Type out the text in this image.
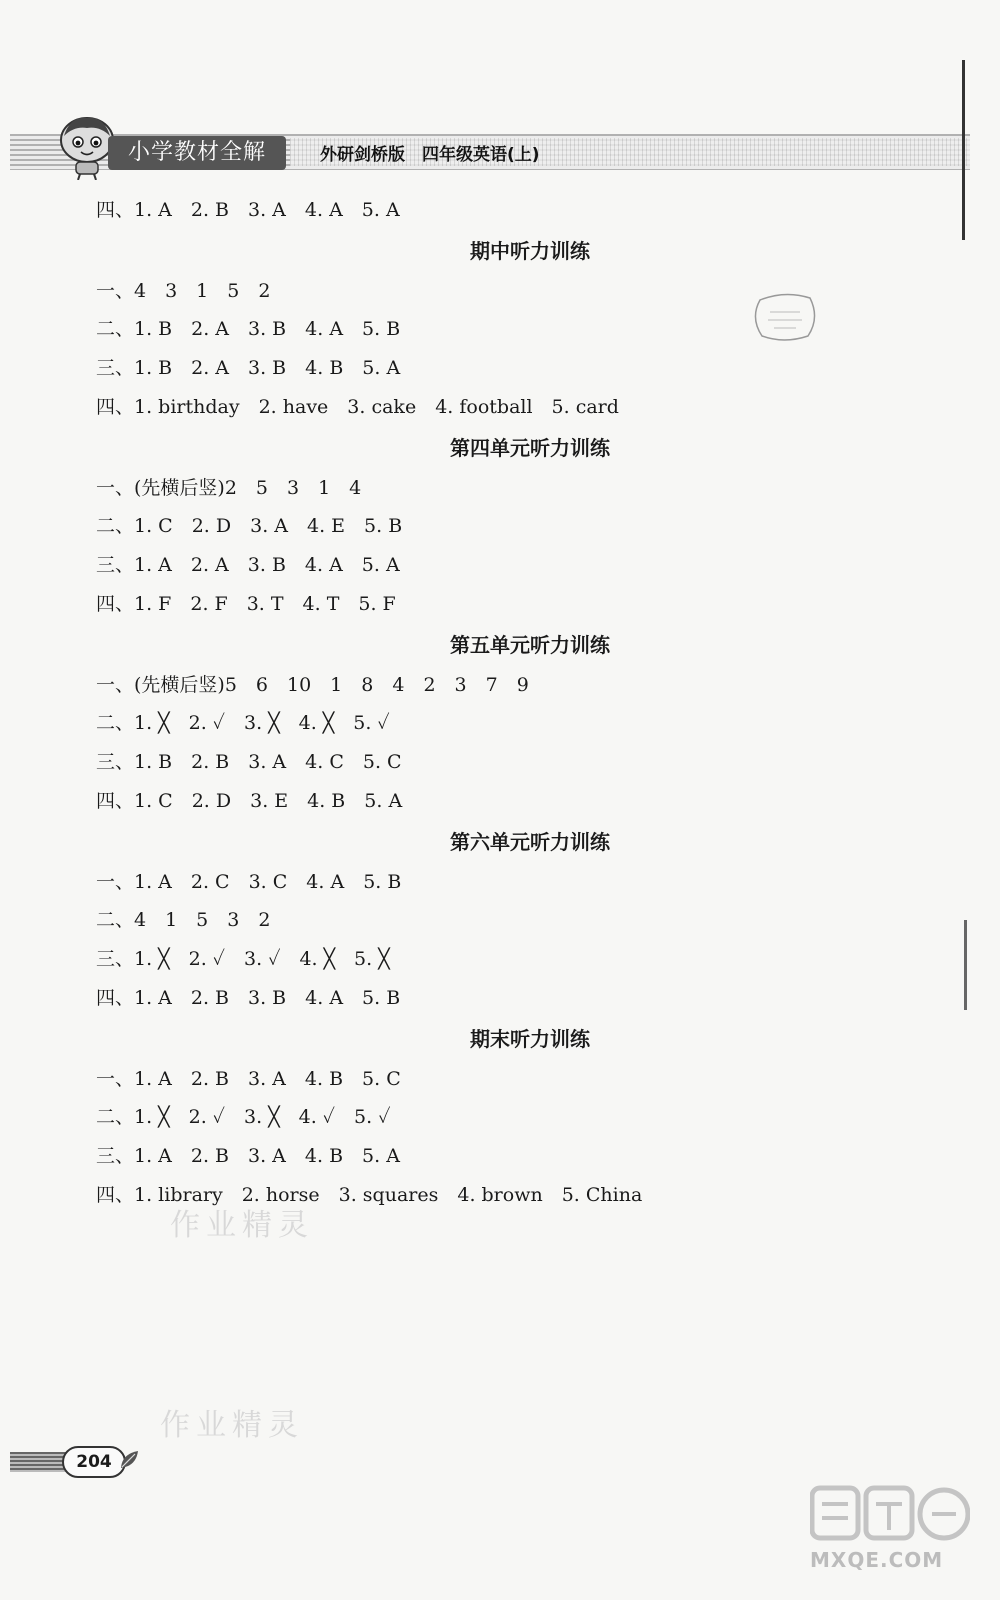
小学教材全解	外研剑桥版　四年级英语(上)
四、1. A　2. B　3. A　4. A　5. A
期中听力训练
一、4　3　1　5　2
二、1. B　2. A　3. B　4. A　5. B
三、1. B　2. A　3. B　4. B　5. A
四、1. birthday　2. have　3. cake　4. football　5. card
第四单元听力训练
一、(先横后竖)2　5　3　1　4
二、1. C　2. D　3. A　4. E　5. B
三、1. A　2. A　3. B　4. A　5. A
四、1. F　2. F　3. T　4. T　5. F
第五单元听力训练
一、(先横后竖)5　6　10　1　8　4　2　3　7　9
二、1. ╳　2. ✓　3. ╳　4. ╳　5. ✓
三、1. B　2. B　3. A　4. C　5. C
四、1. C　2. D　3. E　4. B　5. A
第六单元听力训练
一、1. A　2. C　3. C　4. A　5. B
二、4　1　5　3　2
三、1. ╳　2. ✓　3. ✓　4. ╳　5. ╳
四、1. A　2. B　3. B　4. A　5. B
期末听力训练
一、1. A　2. B　3. A　4. B　5. C
二、1. ╳　2. ✓　3. ╳　4. ✓　5. ✓
三、1. A　2. B　3. A　4. B　5. A
四、1. library　2. horse　3. squares　4. brown　5. China
作业精灵
作业精灵
204
MXQE.COM
